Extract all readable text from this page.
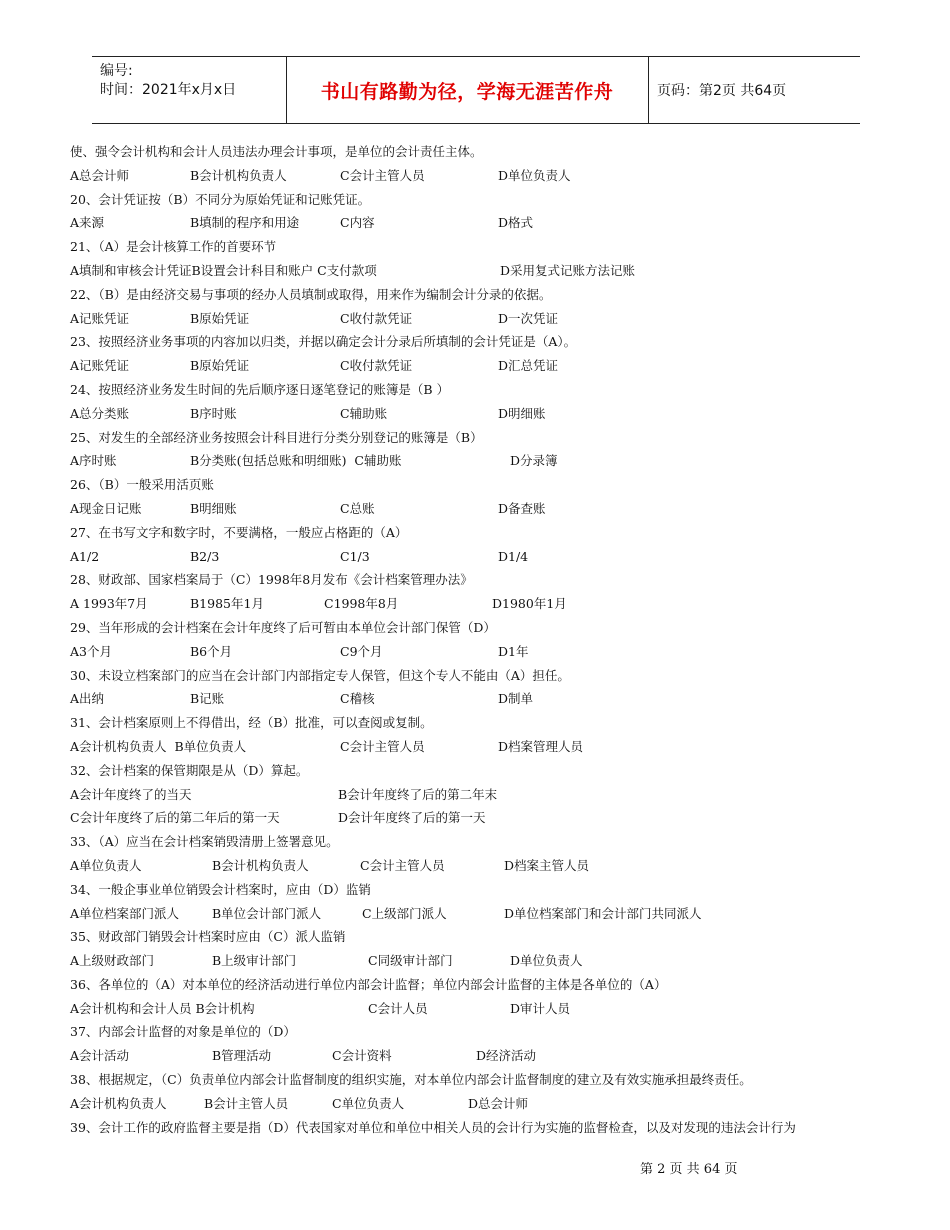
编号:
时间：2021年x月x日	书山有路勤为径，学海无涯苦作舟	页码：第2页 共64页
使、强令会计机构和会计人员违法办理会计事项，是单位的会计责任主体。
A总会计师	B会计机构负责人	C会计主管人员	D单位负责人
20、会计凭证按（B）不同分为原始凭证和记账凭证。
A来源	B填制的程序和用途	C内容	D格式
21、（A）是会计核算工作的首要环节
A填制和审核会计凭证B设置会计科目和账户 C支付款项	D采用复式记账方法记账
22、（B）是由经济交易与事项的经办人员填制或取得，用来作为编制会计分录的依据。
A记账凭证	B原始凭证	C收付款凭证	D一次凭证
23、按照经济业务事项的内容加以归类，并据以确定会计分录后所填制的会计凭证是（A）。
A记账凭证	B原始凭证	C收付款凭证	D汇总凭证
24、按照经济业务发生时间的先后顺序逐日逐笔登记的账簿是（B ）
A总分类账	B序时账	C辅助账	D明细账
25、对发生的全部经济业务按照会计科目进行分类分别登记的账簿是（B）
A序时账	B分类账(包括总账和明细账)  C辅助账	D分录簿
26、（B）一般采用活页账
A现金日记账	B明细账	C总账	D备查账
27、在书写文字和数字时，不要满格，一般应占格距的（A）
A1/2	B2/3	C1/3	D1/4
28、财政部、国家档案局于（C）1998年8月发布《会计档案管理办法》
A 1993年7月	B1985年1月	C1998年8月	D1980年1月
29、当年形成的会计档案在会计年度终了后可暂由本单位会计部门保管（D）
A3个月	B6个月	C9个月	D1年
30、未设立档案部门的应当在会计部门内部指定专人保管，但这个专人不能由（A）担任。
A出纳	B记账	C稽核	D制单
31、会计档案原则上不得借出，经（B）批准，可以查阅或复制。
A会计机构负责人  B单位负责人	C会计主管人员	D档案管理人员
32、会计档案的保管期限是从（D）算起。
A会计年度终了的当天	B会计年度终了后的第二年末
C会计年度终了后的第二年后的第一天	D会计年度终了后的第一天
33、（A）应当在会计档案销毁清册上签署意见。
A单位负责人	B会计机构负责人	C会计主管人员	D档案主管人员
34、一般企事业单位销毁会计档案时，应由（D）监销
A单位档案部门派人	B单位会计部门派人	C上级部门派人	D单位档案部门和会计部门共同派人
35、财政部门销毁会计档案时应由（C）派人监销
A上级财政部门	B上级审计部门	C同级审计部门	D单位负责人
36、各单位的（A）对本单位的经济活动进行单位内部会计监督；单位内部会计监督的主体是各单位的（A）
A会计机构和会计人员 B会计机构	C会计人员	D审计人员
37、内部会计监督的对象是单位的（D）
A会计活动	B管理活动	C会计资料	D经济活动
38、根据规定，（C）负责单位内部会计监督制度的组织实施，对本单位内部会计监督制度的建立及有效实施承担最终责任。
A会计机构负责人	B会计主管人员	C单位负责人	D总会计师
39、会计工作的政府监督主要是指（D）代表国家对单位和单位中相关人员的会计行为实施的监督检查，以及对发现的违法会计行为
第 2 页 共 64 页
